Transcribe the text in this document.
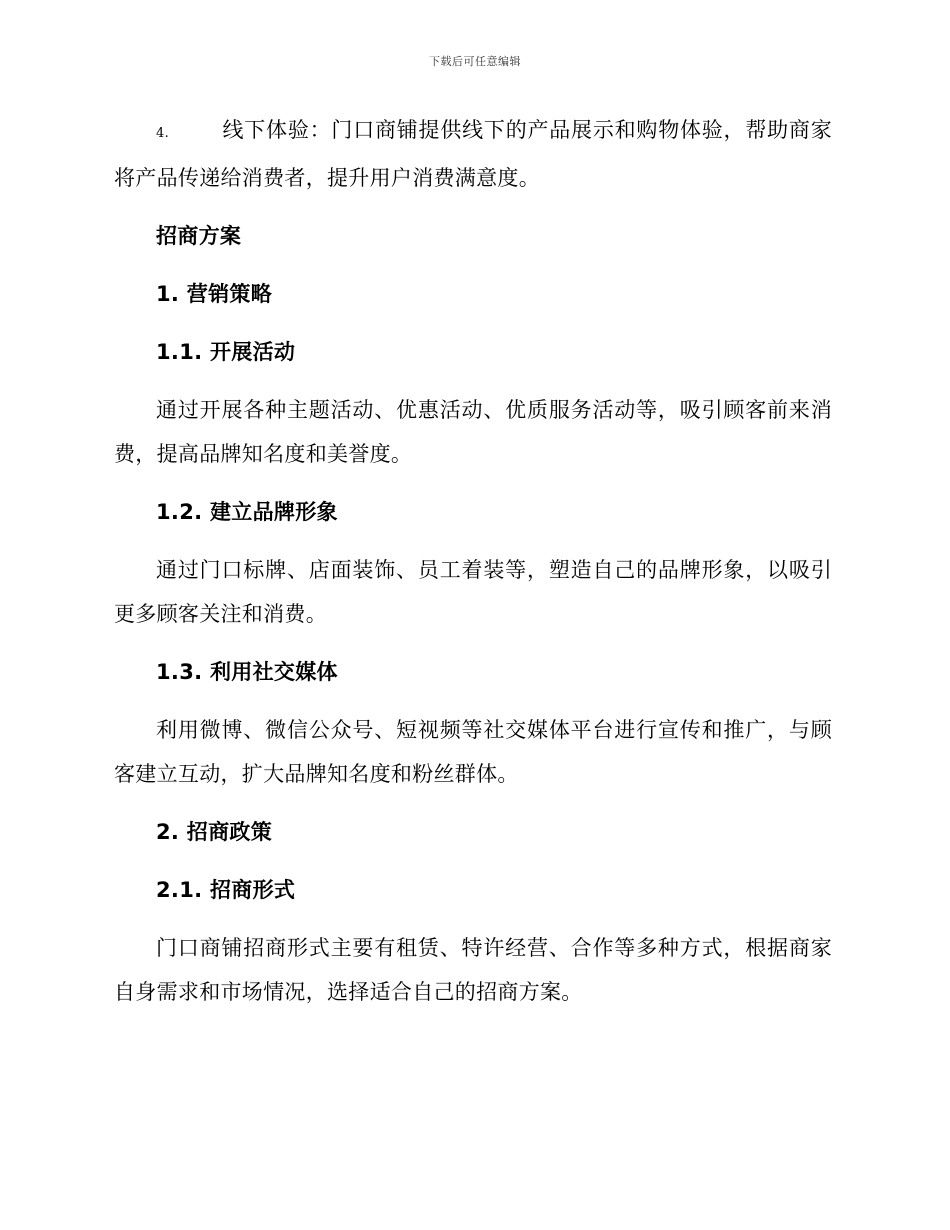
下载后可任意编辑

4.	线下体验：门口商铺提供线下的产品展示和购物体验，帮助商家将产品传递给消费者，提升用户消费满意度。

招商方案
1. 营销策略
1.1. 开展活动

通过开展各种主题活动、优惠活动、优质服务活动等，吸引顾客前来消费，提高品牌知名度和美誉度。

1.2. 建立品牌形象

通过门口标牌、店面装饰、员工着装等，塑造自己的品牌形象，以吸引更多顾客关注和消费。

1.3. 利用社交媒体

利用微博、微信公众号、短视频等社交媒体平台进行宣传和推广，与顾客建立互动，扩大品牌知名度和粉丝群体。

2. 招商政策
2.1. 招商形式

门口商铺招商形式主要有租赁、特许经营、合作等多种方式，根据商家自身需求和市场情况，选择适合自己的招商方案。
